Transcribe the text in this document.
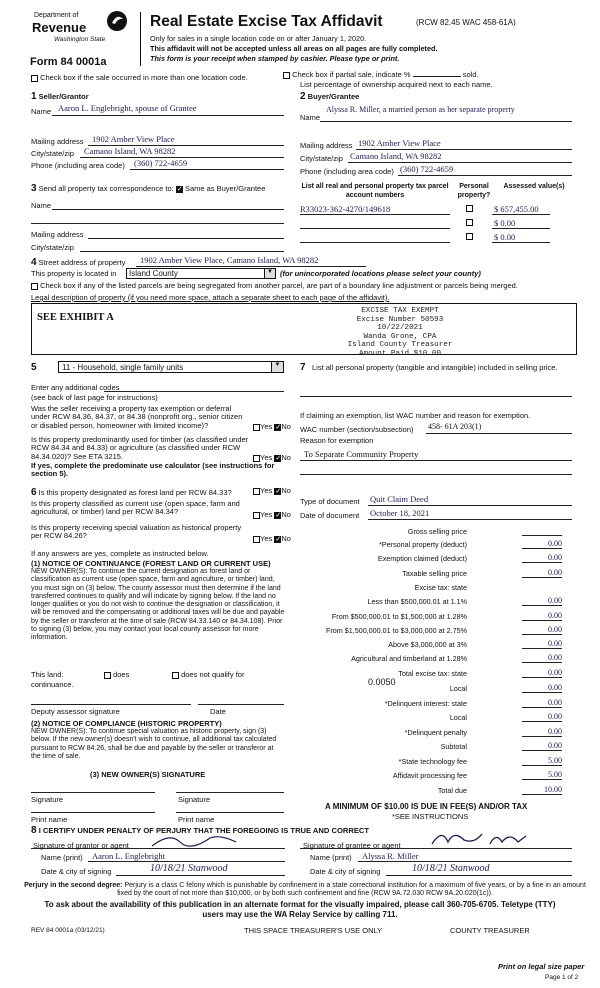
Department of
Revenue
Washington State
Form 84 0001a
Real Estate Excise Tax Affidavit	(RCW 82.45 WAC 458-61A)
Only for sales in a single location code on or after January 1, 2020.
This affidavit will not be accepted unless all areas on all pages are fully completed.
This form is your receipt when stamped by cashier. Please type or print.
Check box if the sale occurred in more than one location code.	Check box if partial sale, indicate %	sold.
List percentage of ownership acquired next to each name.
1 Seller/Grantor
Name Aaron L. Englebright, spouse of Grantee
Mailing address 1902 Amber View Place
City/state/zip Camano Island, WA 98282
Phone (including area code) (360) 722-4659
2 Buyer/Grantee
Name
Alyssa R. Miller, a married person as her separate property
Mailing address 1902 Amber View Place
City/state/zip Camano Island, WA 98282
Phone (including area code) (360) 722-4659
3 Send all property tax correspondence to: ✓ Same as Buyer/Grantee
Name
Mailing address
City/state/zip
List all real and personal property tax parcel account numbers
Personal property?
Assessed value(s)
R33023-362-4270/149618	$ 657,455.00
$ 0.00
$ 0.00
4 Street address of property 1902 Amber View Place, Camano Island, WA 98282
This property is located in Island County	▼ (for unincorporated locations please select your county)
Check box if any of the listed parcels are being segregated from another parcel, are part of a boundary line adjustment or parcels being merged.
Legal description of property (if you need more space, attach a separate sheet to each page of the affidavit).
SEE EXHIBIT A
EXCISE TAX EXEMPT
Excise Number 50593
10/22/2021
Wanda Grone, CPA
Island County Treasurer
Amount Paid $10.00
5	11 - Household, single family units	▼
Enter any additional codes
(see back of last page for instructions)
Was the seller receiving a property tax exemption or deferral under RCW 84.36, 84.37, or 84.38 (nonprofit org., senior citizen or disabled person, homeowner with limited income)?	Yes ✓ No
Is this property predominantly used for timber (as classified under RCW 84.34 and 84.33) or agriculture (as classified under RCW 84.34.020)? See ETA 3215.	Yes ✓ No
If yes, complete the predominate use calculator (see instructions for section 5).
6 Is this property designated as forest land per RCW 84.33?	Yes ✓ No
Is this property classified as current use (open space, farm and agricultural, or timber) land per RCW 84.34?	Yes ✓ No
Is this property receiving special valuation as historical property per RCW 84.26?	Yes ✓ No
If any answers are yes, complete as instructed below.
(1) NOTICE OF CONTINUANCE (FOREST LAND OR CURRENT USE)
NEW OWNER(S): To continue the current designation as forest land or classification as current use (open space, farm and agriculture, or timber) land, you must sign on (3) below. The county assessor must then determine if the land transferred continues to qualify and will indicate by signing below. If the land no longer qualifies or you do not wish to continue the designation or classification, it will be removed and the compensating or additional taxes will be due and payable by the seller or transferor at the time of sale (RCW 84.33.140 or 84.34.108). Prior to signing (3) below, you may contact your local county assessor for more information.
This land:	does	does not qualify for
continuance.
Deputy assessor signature	Date
(2) NOTICE OF COMPLIANCE (HISTORIC PROPERTY)
NEW OWNER(S): To continue special valuation as historic property, sign (3) below. If the new owner(s) doesn't wish to continue, all additional tax calculated pursuant to RCW 84.26, shall be due and payable by the seller or transferor at the time of sale.
(3) NEW OWNER(S) SIGNATURE
Signature	Signature
Print name	Print name
7 List all personal property (tangible and intangible) included in selling price.
If claiming an exemption, list WAC number and reason for exemption.
WAC number (section/subsection) 458- 61A 203(1)
Reason for exemption
To Separate Community Property
Type of document Quit Claim Deed
Date of document October 18, 2021
Gross selling price
*Personal property (deduct)	0.00
Exemption claimed (deduct)	0.00
Taxable selling price	0.00
Excise tax: state
Less than $500,000.01 at 1.1%	0.00
From $500,000.01 to $1,500,000 at 1.28%	0.00
From $1,500,000.01 to $3,000,000 at 2.75%	0.00
Above $3,000,000 at 3%	0.00
Agricultural and timberland at 1.28%	0.00
Total excise tax: state	0.00
Local	0.00
*Delinquent interest: state	0.00
Local	0.00
*Delinquent penalty	0.00
Subtotal	0.00
*State technology fee	5.00
Affidavit processing fee	5.00
Total due	10.00
0.0050
A MINIMUM OF $10.00 IS DUE IN FEE(S) AND/OR TAX
*SEE INSTRUCTIONS
8 I CERTIFY UNDER PENALTY OF PERJURY THAT THE FOREGOING IS TRUE AND CORRECT
Signature of grantor or agent
Name (print) Aaron L. Englebright
Date & city of signing	10/18/21 Stanwood
Signature of grantee or agent
Name (print) Alyssa R. Miller
Date & city of signing	10/18/21 Stanwood
Perjury in the second degree: Perjury is a class C felony which is punishable by confinement in a state correctional institution for a maximum of five years, or by a fine in an amount fixed by the court of not more than $10,000, or by both such confinement and fine (RCW 9A.72.030 RCW 9A.20.020(1c)).
To ask about the availability of this publication in an alternate format for the visually impaired, please call 360-705-6705. Teletype (TTY) users may use the WA Relay Service by calling 711.
REV 84 0001a (03/12/21)	THIS SPACE TREASURER'S USE ONLY	COUNTY TREASURER
Print on legal size paper
Page 1 of 2
